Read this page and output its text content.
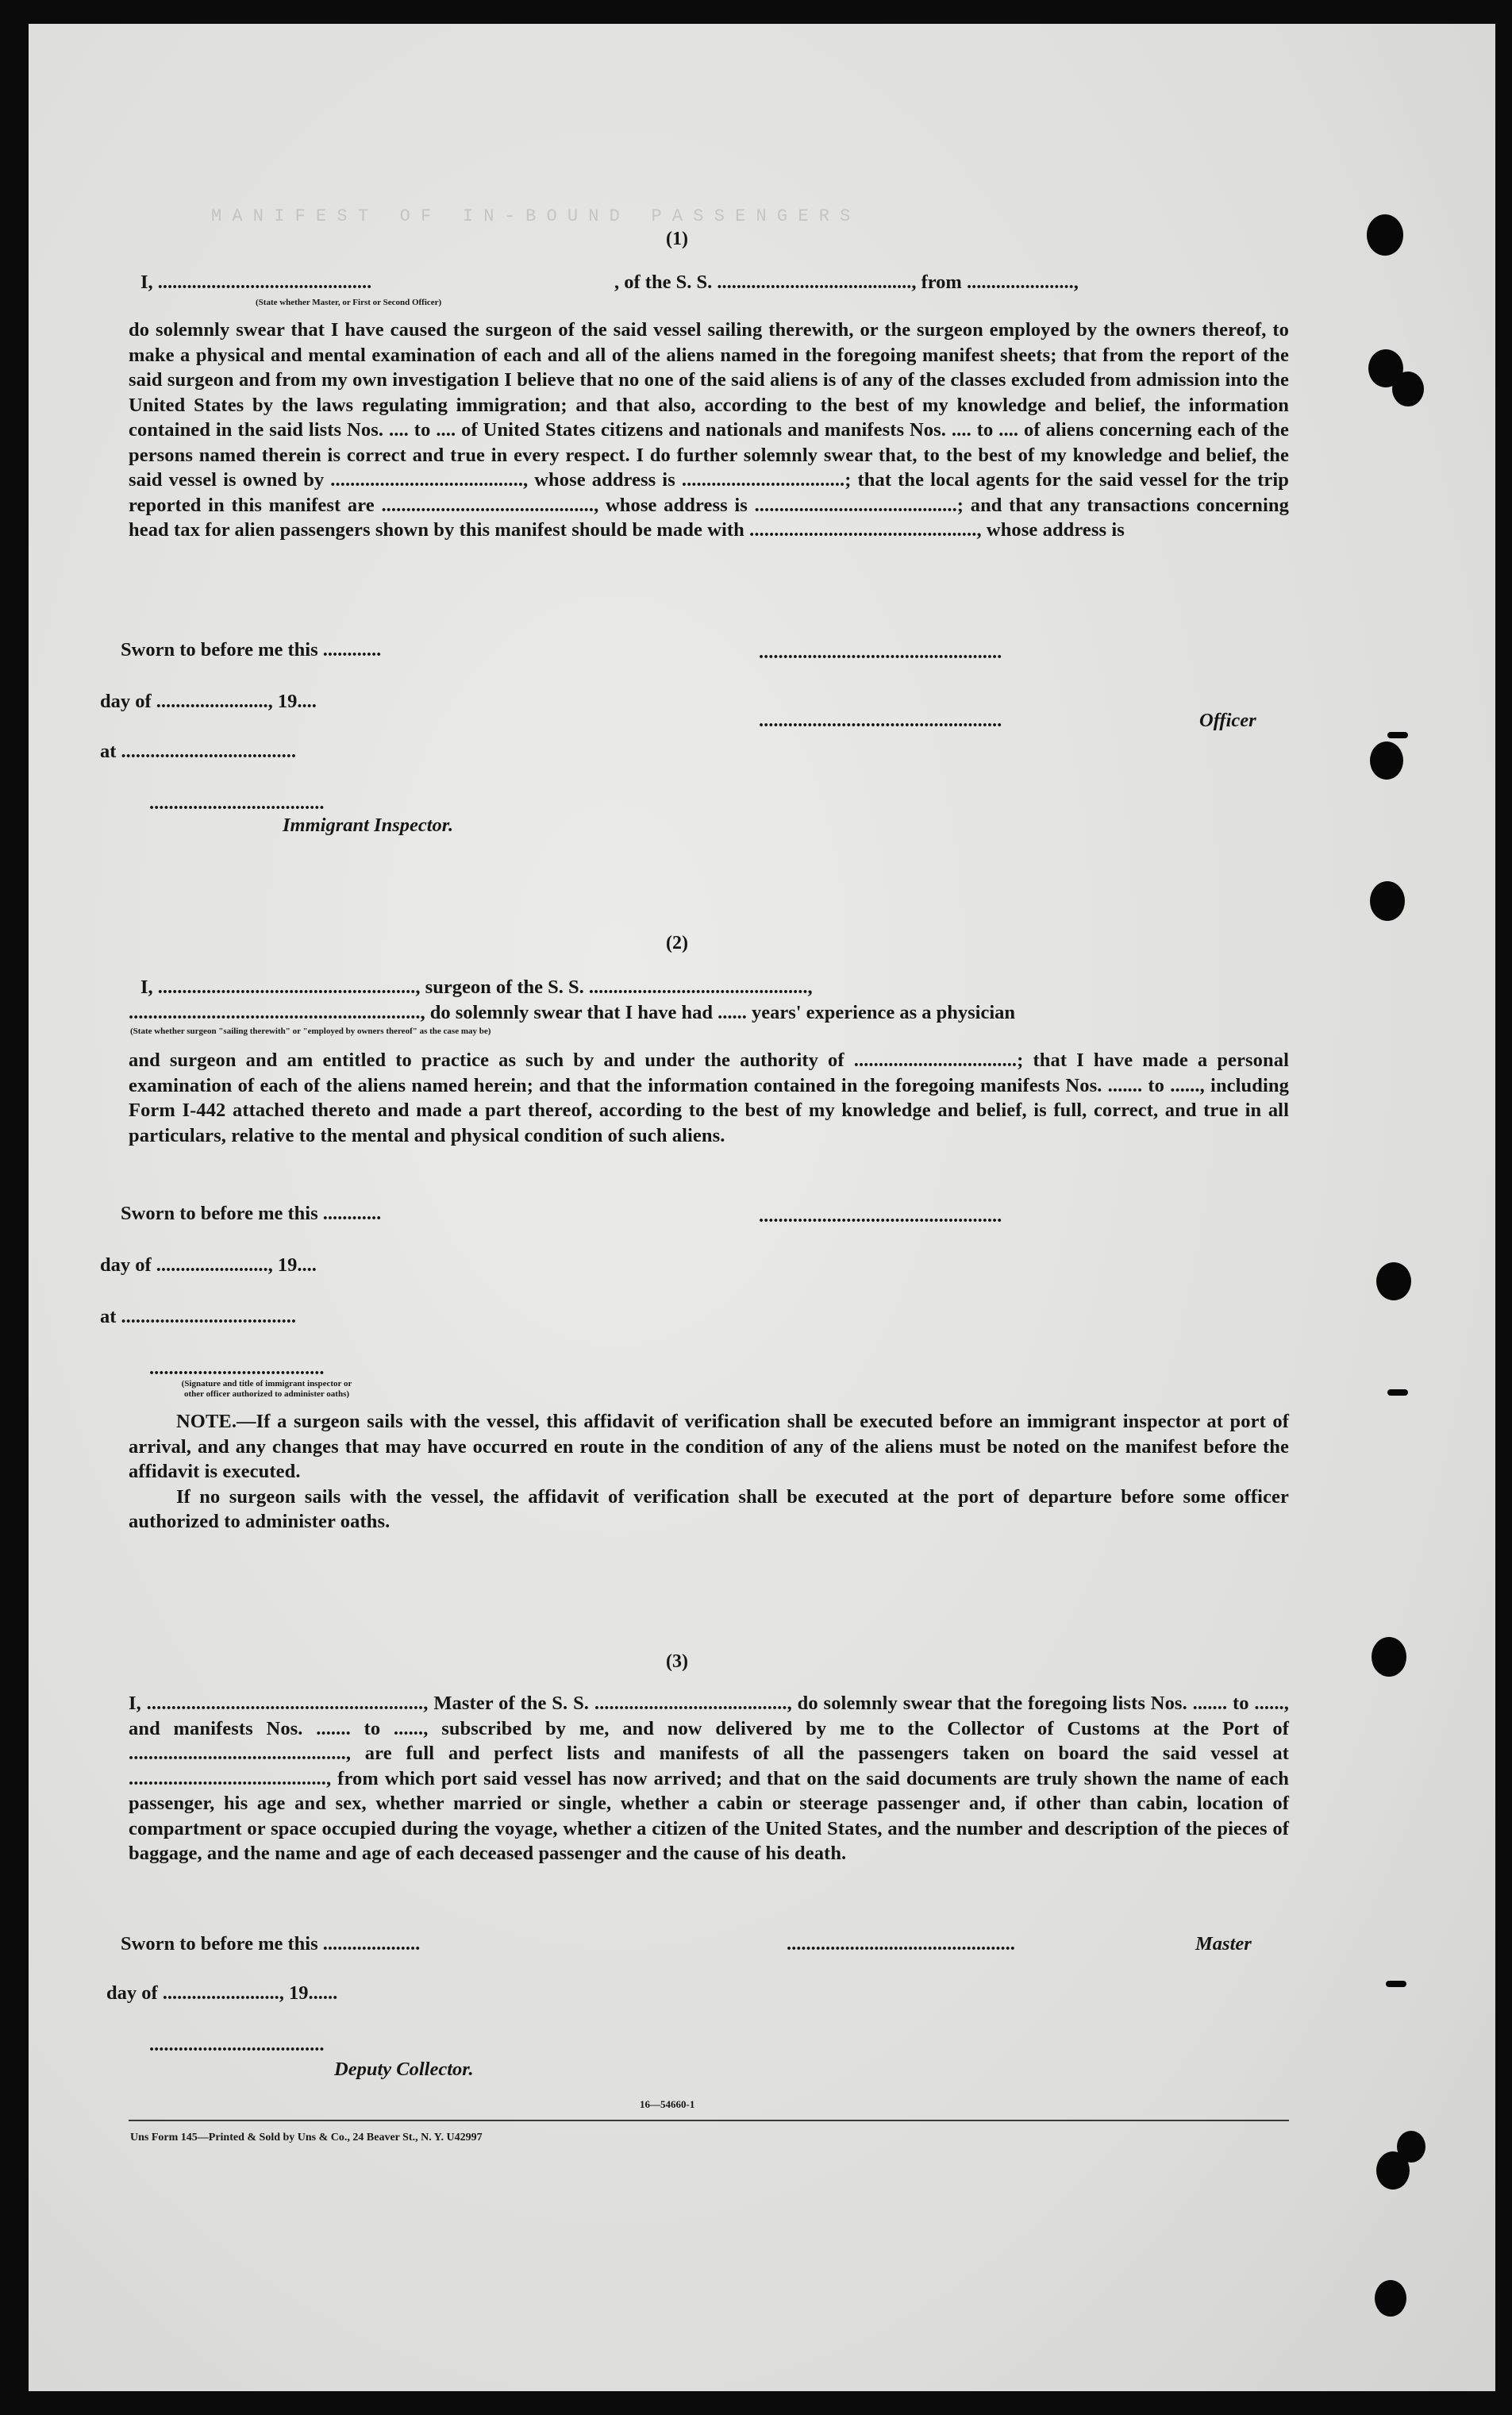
M A N I F E S T   O F   I N - B O U N D   P A S S E N G E R S
(1)
I, ............................................	, of the S. S. ........................................, from ......................,
(State whether Master, or First or Second Officer)

do solemnly swear that I have caused the surgeon of the said vessel sailing therewith, or the surgeon employed by the owners thereof, to make a physical and mental examination of each and all of the aliens named in the foregoing manifest sheets; that from the report of the said surgeon and from my own investigation I believe that no one of the said aliens is of any of the classes excluded from admission into the United States by the laws regulating immigration; and that also, according to the best of my knowledge and belief, the information contained in the said lists Nos. .... to .... of United States citizens and nationals and manifests Nos. .... to .... of aliens concerning each of the persons named therein is correct and true in every respect. I do further solemnly swear that, to the best of my knowledge and belief, the said vessel is owned by ......................................., whose address is .................................; that the local agents for the said vessel for the trip reported in this manifest are ..........................................., whose address is .........................................; and that any transactions concerning head tax for alien passengers shown by this manifest should be made with .............................................., whose address is

Sworn to before me this ............
day of ......................., 19....
at ....................................
....................................
Immigrant Inspector.
..................................................
..................................................	Officer
(2)
I, ....................................................., surgeon of the S. S. .............................................,
............................................................, do solemnly swear that I have had ...... years' experience as a physician
(State whether surgeon "sailing therewith" or "employed by owners thereof" as the case may be)

and surgeon and am entitled to practice as such by and under the authority of .................................; that I have made a personal examination of each of the aliens named herein; and that the information contained in the foregoing manifests Nos. ....... to ......, including Form I-442 attached thereto and made a part thereof, according to the best of my knowledge and belief, is full, correct, and true in all particulars, relative to the mental and physical condition of such aliens.

Sworn to before me this ............
day of ......................., 19....
at ....................................
....................................
(Signature and title of immigrant inspector or other officer authorized to administer oaths)
..................................................

NOTE.—If a surgeon sails with the vessel, this affidavit of verification shall be executed before an immigrant inspector at port of arrival, and any changes that may have occurred en route in the condition of any of the aliens must be noted on the manifest before the affidavit is executed.

If no surgeon sails with the vessel, the affidavit of verification shall be executed at the port of departure before some officer authorized to administer oaths.

(3)

I, ........................................................, Master of the S. S. ......................................., do solemnly swear that the foregoing lists Nos. ....... to ......, and manifests Nos. ....... to ......, subscribed by me, and now delivered by me to the Collector of Customs at the Port of ............................................, are full and perfect lists and manifests of all the passengers taken on board the said vessel at ........................................, from which port said vessel has now arrived; and that on the said documents are truly shown the name of each passenger, his age and sex, whether married or single, whether a cabin or steerage passenger and, if other than cabin, location of compartment or space occupied during the voyage, whether a citizen of the United States, and the number and description of the pieces of baggage, and the name and age of each deceased passenger and the cause of his death.

Sworn to before me this ....................
day of ........................, 19......
....................................
Deputy Collector.
...............................................	Master
16—54660-1
Uns Form 145—Printed & Sold by Uns & Co., 24 Beaver St., N. Y. U42997
